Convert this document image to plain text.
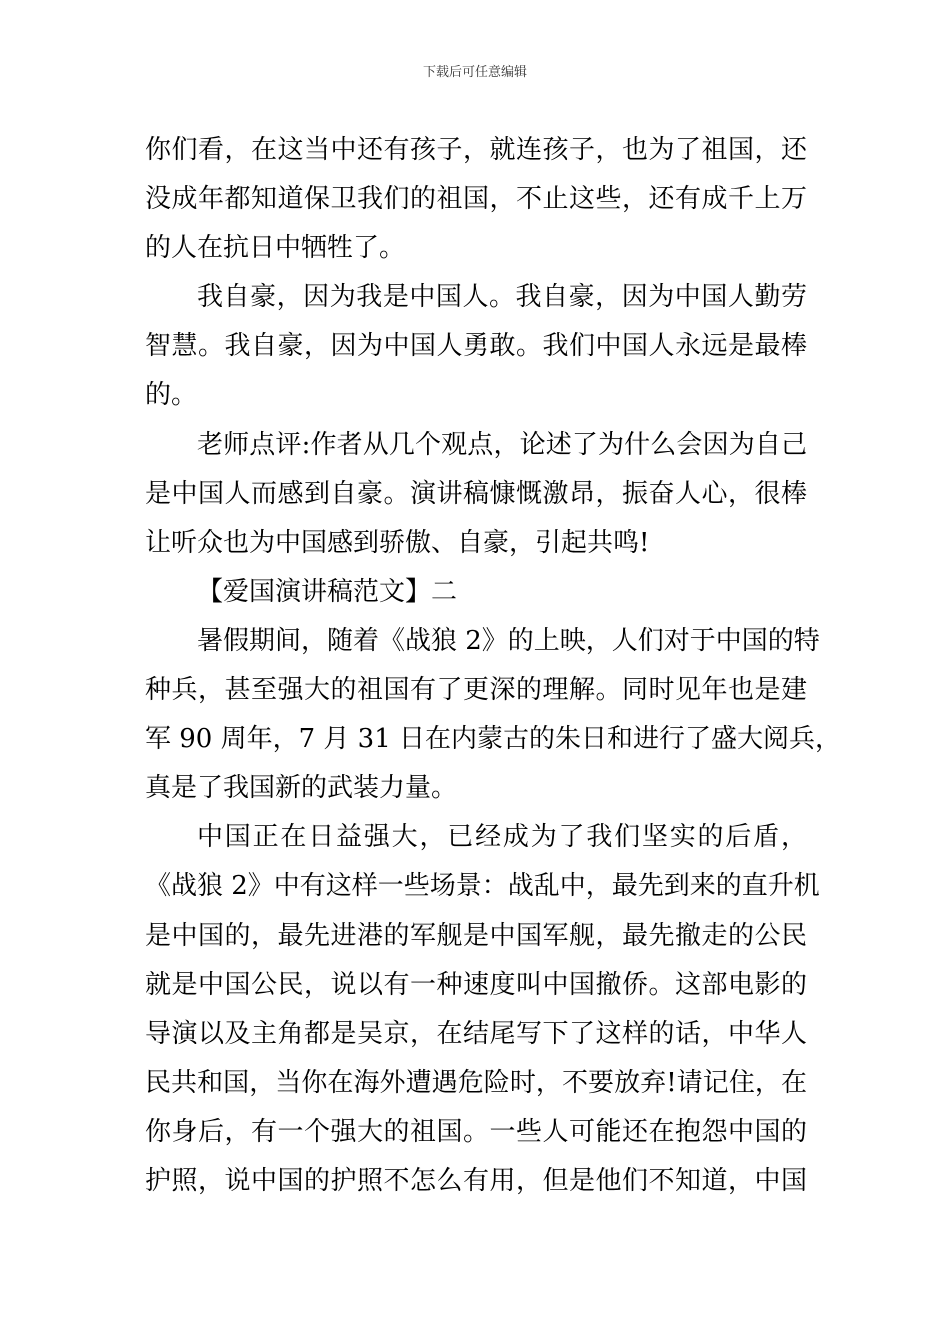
下载后可任意编辑
你们看，在这当中还有孩子，就连孩子，也为了祖国，还
没成年都知道保卫我们的祖国，不止这些，还有成千上万
的人在抗日中牺牲了。
我自豪，因为我是中国人。我自豪，因为中国人勤劳
智慧。我自豪，因为中国人勇敢。我们中国人永远是最棒
的。
老师点评:作者从几个观点，论述了为什么会因为自己
是中国人而感到自豪。演讲稿慷慨激昂，振奋人心，很棒
让听众也为中国感到骄傲、自豪，引起共鸣!
【爱国演讲稿范文】二
暑假期间，随着《战狼 2》的上映，人们对于中国的特
种兵，甚至强大的祖国有了更深的理解。同时见年也是建
军 90 周年，7 月 31 日在内蒙古的朱日和进行了盛大阅兵，
真是了我国新的武装力量。
中国正在日益强大，已经成为了我们坚实的后盾，
《战狼 2》中有这样一些场景：战乱中，最先到来的直升机
是中国的，最先进港的军舰是中国军舰，最先撤走的公民
就是中国公民，说以有一种速度叫中国撤侨。这部电影的
导演以及主角都是吴京，在结尾写下了这样的话，中华人
民共和国，当你在海外遭遇危险时，不要放弃!请记住，在
你身后，有一个强大的祖国。一些人可能还在抱怨中国的
护照，说中国的护照不怎么有用，但是他们不知道，中国
